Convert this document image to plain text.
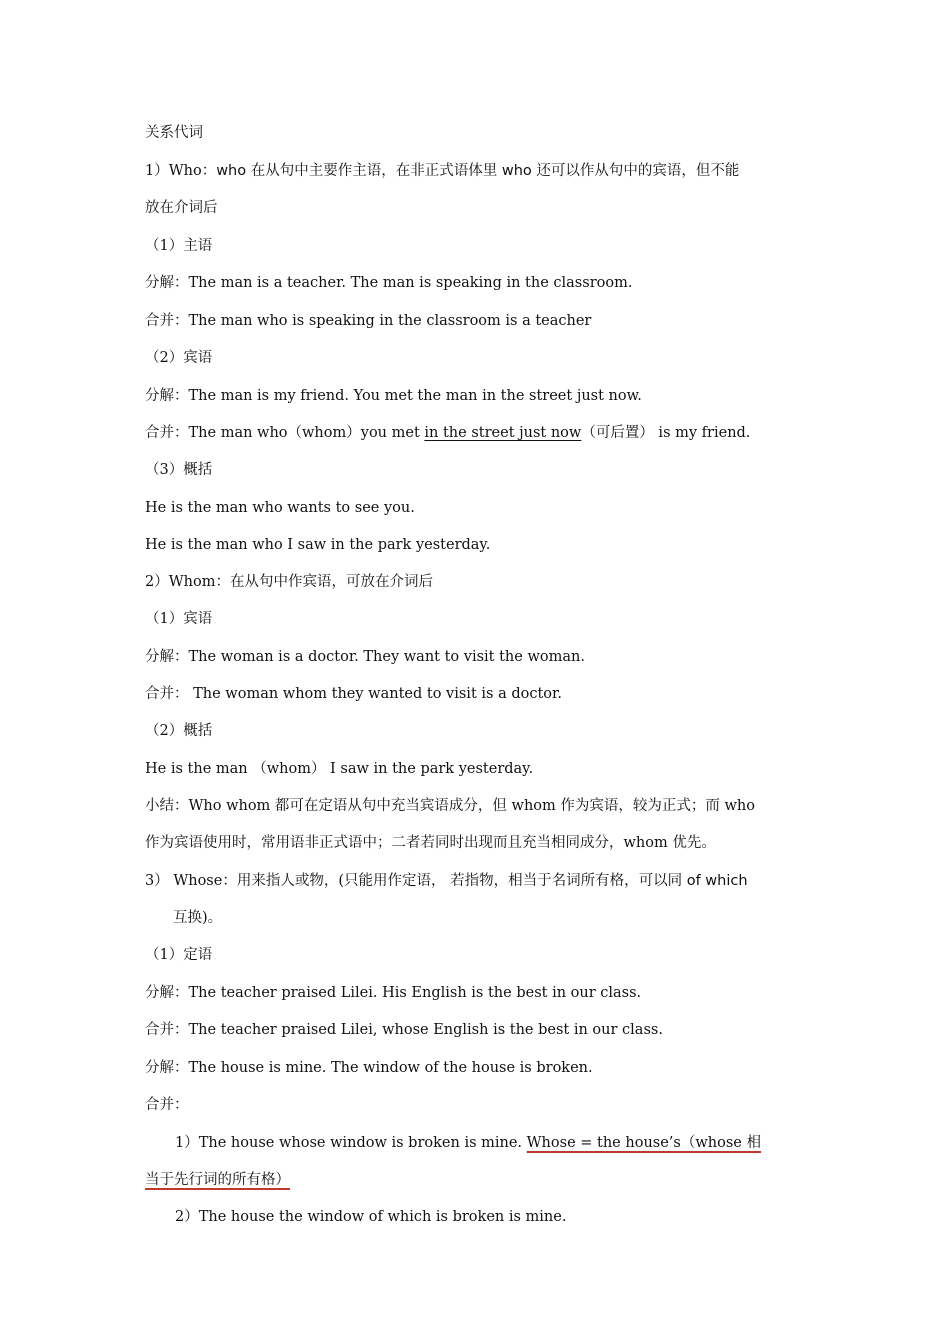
关系代词
1）Who：who 在从句中主要作主语，在非正式语体里 who 还可以作从句中的宾语，但不能
放在介词后
（1）主语
分解：The man is a teacher. The man is speaking in the classroom.
合并：The man who is speaking in the classroom is a teacher
（2）宾语
分解：The man is my friend. You met the man in the street just now.
合并：The man who（whom）you met in the street just now（可后置） is my friend.
（3）概括
He is the man who wants to see you.
He is the man who I saw in the park yesterday.
2）Whom：在从句中作宾语，可放在介词后
（1）宾语
分解：The woman is a doctor. They want to visit the woman.
合并： The woman whom they wanted to visit is a doctor.
（2）概括
He is the man （whom） I saw in the park yesterday.
小结：Who whom 都可在定语从句中充当宾语成分，但 whom 作为宾语，较为正式；而 who
作为宾语使用时，常用语非正式语中；二者若同时出现而且充当相同成分，whom 优先。
3） Whose：用来指人或物，(只能用作定语， 若指物，相当于名词所有格，可以同 of which
互换)。
（1）定语
分解：The teacher praised Lilei. His English is the best in our class.
合并：The teacher praised Lilei, whose English is the best in our class.
分解：The house is mine. The window of the house is broken.
合并：
1）The house whose window is broken is mine. Whose = the house’s（whose 相
当于先行词的所有格）
2）The house the window of which is broken is mine.
